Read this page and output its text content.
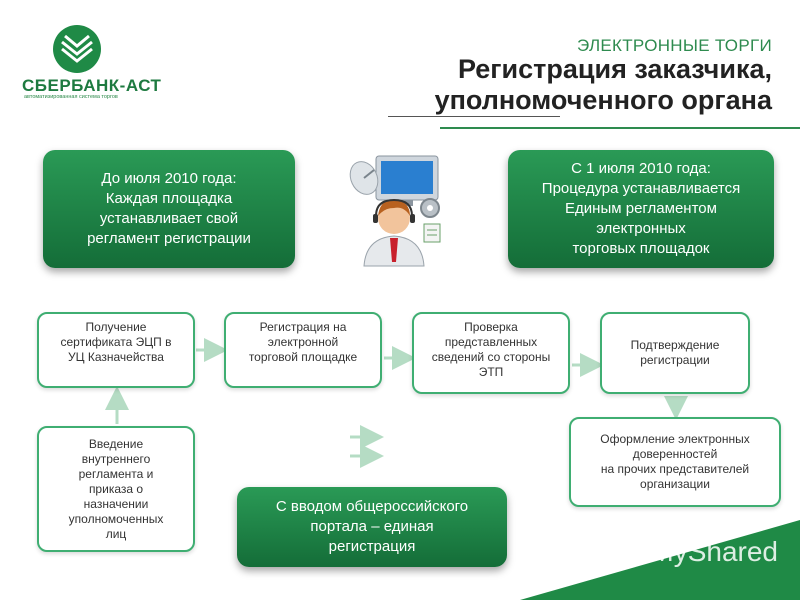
СБЕРБАНК-АСТ
автоматизированная система торгов
ЭЛЕКТРОННЫЕ ТОРГИ
Регистрация заказчика, уполномоченного органа
До июля 2010 года:
Каждая площадка
устанавливает свой
регламент регистрации
С 1 июля 2010 года:
Процедура устанавливается
Единым регламентом
электронных
торговых площадок
Получение
сертификата ЭЦП в
УЦ Казначейства
Регистрация на
электронной
торговой площадке
Проверка
представленных
сведений со стороны
ЭТП
Подтверждение
регистрации
Введение
внутреннего
регламента и
приказа о
назначении
уполномоченных
лиц
Оформление электронных
доверенностей
на прочих представителей
организации
С вводом общероссийского
портала – единая
регистрация	MyShared
